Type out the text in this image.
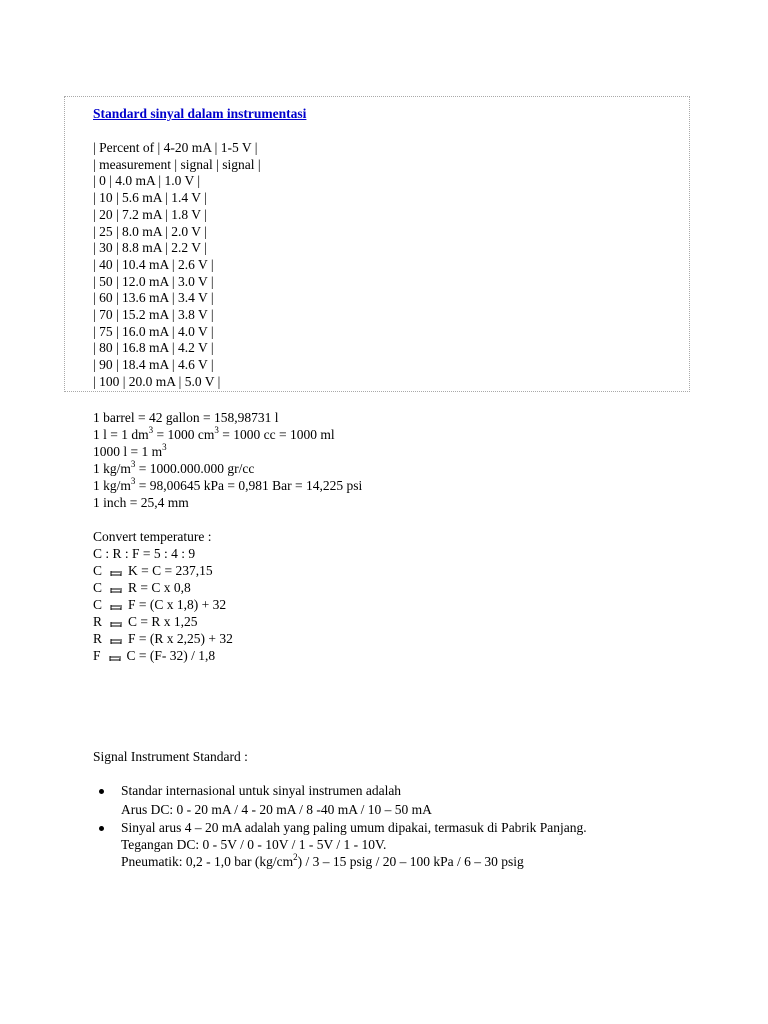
Standard sinyal dalam instrumentasi
| Percent of | 4-20 mA | 1-5 V |
| measurement | signal | signal |
| 0 | 4.0 mA | 1.0 V |
| 10 | 5.6 mA | 1.4 V |
| 20 | 7.2 mA | 1.8 V |
| 25 | 8.0 mA | 2.0 V |
| 30 | 8.8 mA | 2.2 V |
| 40 | 10.4 mA | 2.6 V |
| 50 | 12.0 mA | 3.0 V |
| 60 | 13.6 mA | 3.4 V |
| 70 | 15.2 mA | 3.8 V |
| 75 | 16.0 mA | 4.0 V |
| 80 | 16.8 mA | 4.2 V |
| 90 | 18.4 mA | 4.6 V |
| 100 | 20.0 mA | 5.0 V |
1 barrel = 42 gallon = 158,98731 l
1 l = 1 $dm^3 = 1000$ $cm^3 = 1000$ cc = 1000 ml
1000 l = 1 $m^3$
1 $kg/m^3 = 1000.000.000$ gr/cc
1 $kg/m^3 = 98,00645$ kPa = 0,981 Bar = 14,225 psi
1 inch = 25,4 mm
Convert temperature :
C : R : F = 5 : 4 : 9
C K = C = 237,15
C R = C x 0,8
C F = (C x 1,8) + 32
R C = R x 1,25
R F = (R x 2,25) + 32
F C = (F- 32) / 1,8
Signal Instrument Standard :
Standar internasional untuk sinyal instrumen adalah
Arus DC: 0 - 20 mA / 4 - 20 mA / 8 -40 mA / 10 – 50 mA
Sinyal arus 4 – 20 mA adalah yang paling umum dipakai, termasuk di Pabrik Panjang.
Tegangan DC: 0 - 5V / 0 - 10V / 1 - 5V / 1 - 10V.
Pneumatik: 0,2 - 1,0 bar $(kg/cm^2) / 3 - 15$ psig / 20 – 100 kPa / 6 – 30 psig
